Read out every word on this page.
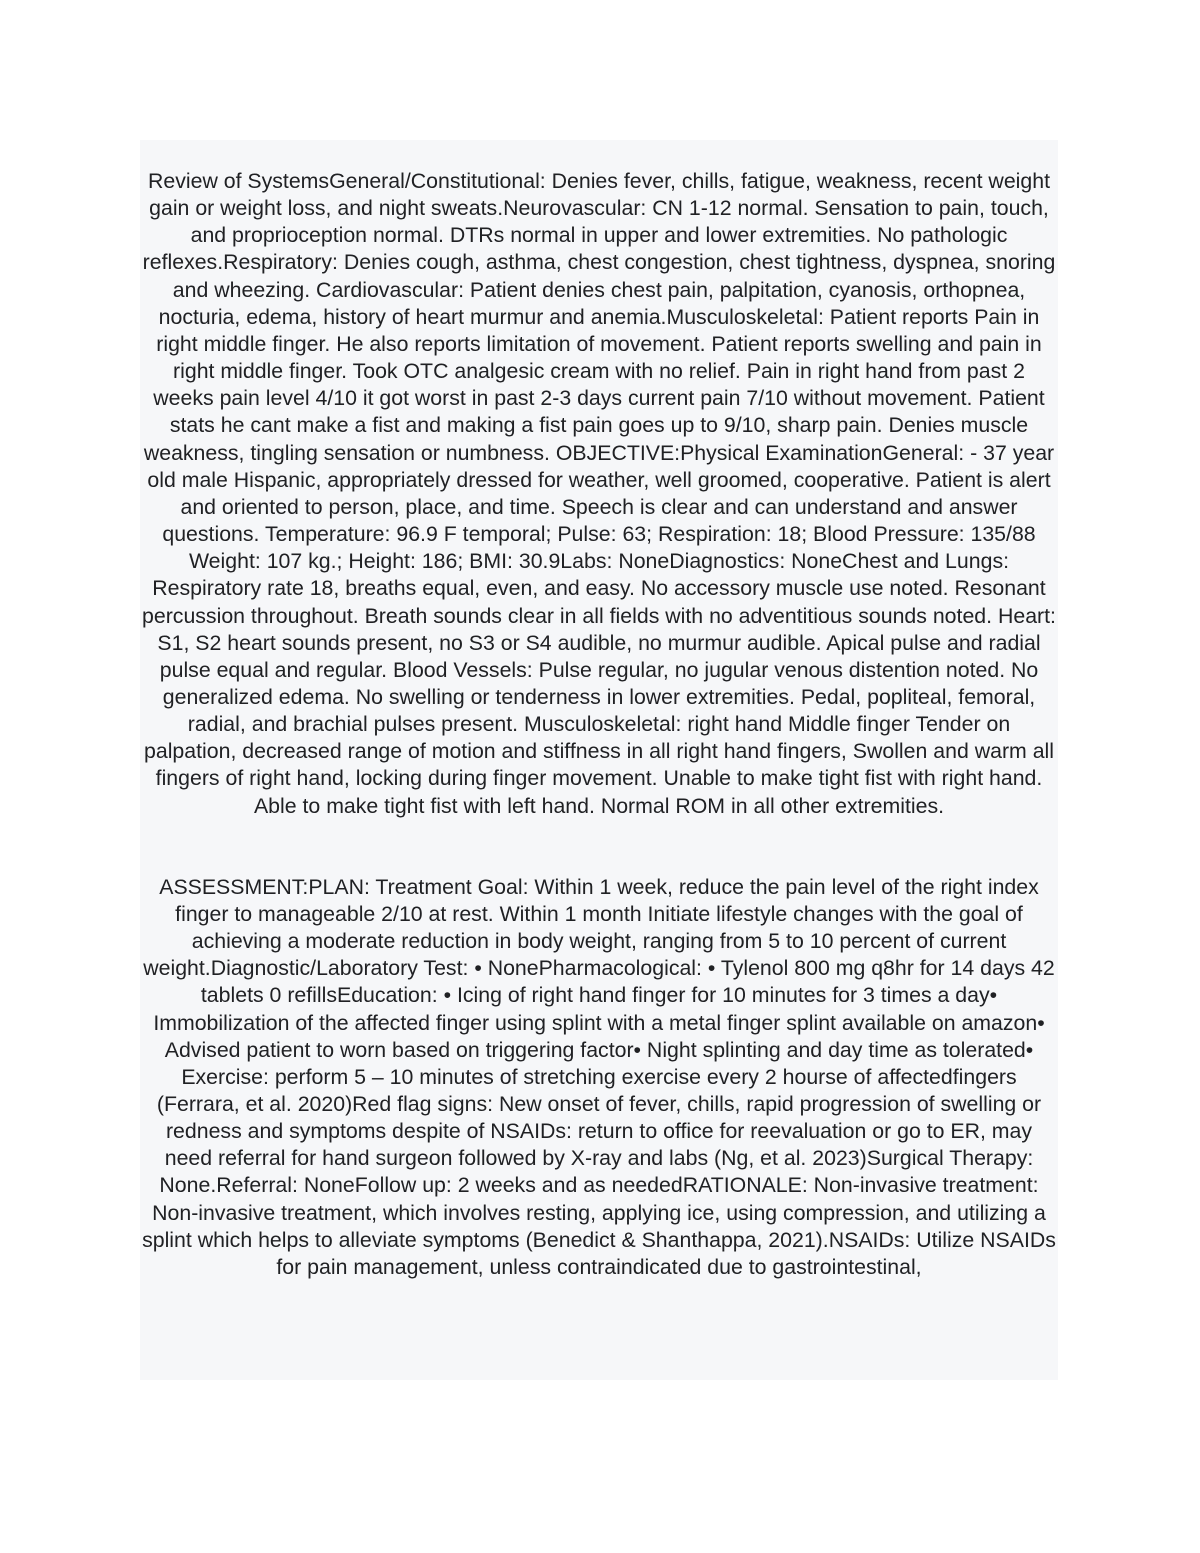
Review of SystemsGeneral/Constitutional: Denies fever, chills, fatigue, weakness, recent weight gain or weight loss, and night sweats.Neurovascular: CN 1-12 normal. Sensation to pain, touch, and proprioception normal. DTRs normal in upper and lower extremities. No pathologic reflexes.Respiratory: Denies cough, asthma, chest congestion, chest tightness, dyspnea, snoring and wheezing. Cardiovascular: Patient denies chest pain, palpitation, cyanosis, orthopnea, nocturia, edema, history of heart murmur and anemia.Musculoskeletal: Patient reports Pain in right middle finger. He also reports limitation of movement. Patient reports swelling and pain in right middle finger. Took OTC analgesic cream with no relief. Pain in right hand from past 2 weeks pain level 4/10 it got worst in past 2-3 days current pain 7/10 without movement. Patient stats he cant make a fist and making a fist pain goes up to 9/10, sharp pain. Denies muscle weakness, tingling sensation or numbness. OBJECTIVE:Physical ExaminationGeneral: - 37 year old male Hispanic, appropriately dressed for weather, well groomed, cooperative. Patient is alert and oriented to person, place, and time. Speech is clear and can understand and answer questions. Temperature: 96.9 F temporal; Pulse: 63; Respiration: 18; Blood Pressure: 135/88 Weight: 107 kg.; Height: 186; BMI: 30.9Labs: NoneDiagnostics: NoneChest and Lungs: Respiratory rate 18, breaths equal, even, and easy. No accessory muscle use noted. Resonant percussion throughout. Breath sounds clear in all fields with no adventitious sounds noted. Heart: S1, S2 heart sounds present, no S3 or S4 audible, no murmur audible. Apical pulse and radial pulse equal and regular. Blood Vessels: Pulse regular, no jugular venous distention noted. No generalized edema. No swelling or tenderness in lower extremities. Pedal, popliteal, femoral, radial, and brachial pulses present. Musculoskeletal: right hand Middle finger Tender on palpation, decreased range of motion and stiffness in all right hand fingers, Swollen and warm all fingers of right hand, locking during finger movement. Unable to make tight fist with right hand. Able to make tight fist with left hand. Normal ROM in all other extremities.

ASSESSMENT:PLAN: Treatment Goal: Within 1 week, reduce the pain level of the right index finger to manageable 2/10 at rest. Within 1 month Initiate lifestyle changes with the goal of achieving a moderate reduction in body weight, ranging from 5 to 10 percent of current weight.Diagnostic/Laboratory Test: • NonePharmacological: • Tylenol 800 mg q8hr for 14 days 42 tablets 0 refillsEducation: • Icing of right hand finger for 10 minutes for 3 times a day• Immobilization of the affected finger using splint with a metal finger splint available on amazon• Advised patient to worn based on triggering factor• Night splinting and day time as tolerated• Exercise: perform 5 – 10 minutes of stretching exercise every 2 hourse of affectedfingers (Ferrara, et al. 2020)Red flag signs: New onset of fever, chills, rapid progression of swelling or redness and symptoms despite of NSAIDs: return to office for reevaluation or go to ER, may need referral for hand surgeon followed by X-ray and labs (Ng, et al. 2023)Surgical Therapy: None.Referral: NoneFollow up: 2 weeks and as neededRATIONALE: Non-invasive treatment: Non-invasive treatment, which involves resting, applying ice, using compression, and utilizing a splint which helps to alleviate symptoms (Benedict & Shanthappa, 2021).NSAIDs: Utilize NSAIDs for pain management, unless contraindicated due to gastrointestinal,
